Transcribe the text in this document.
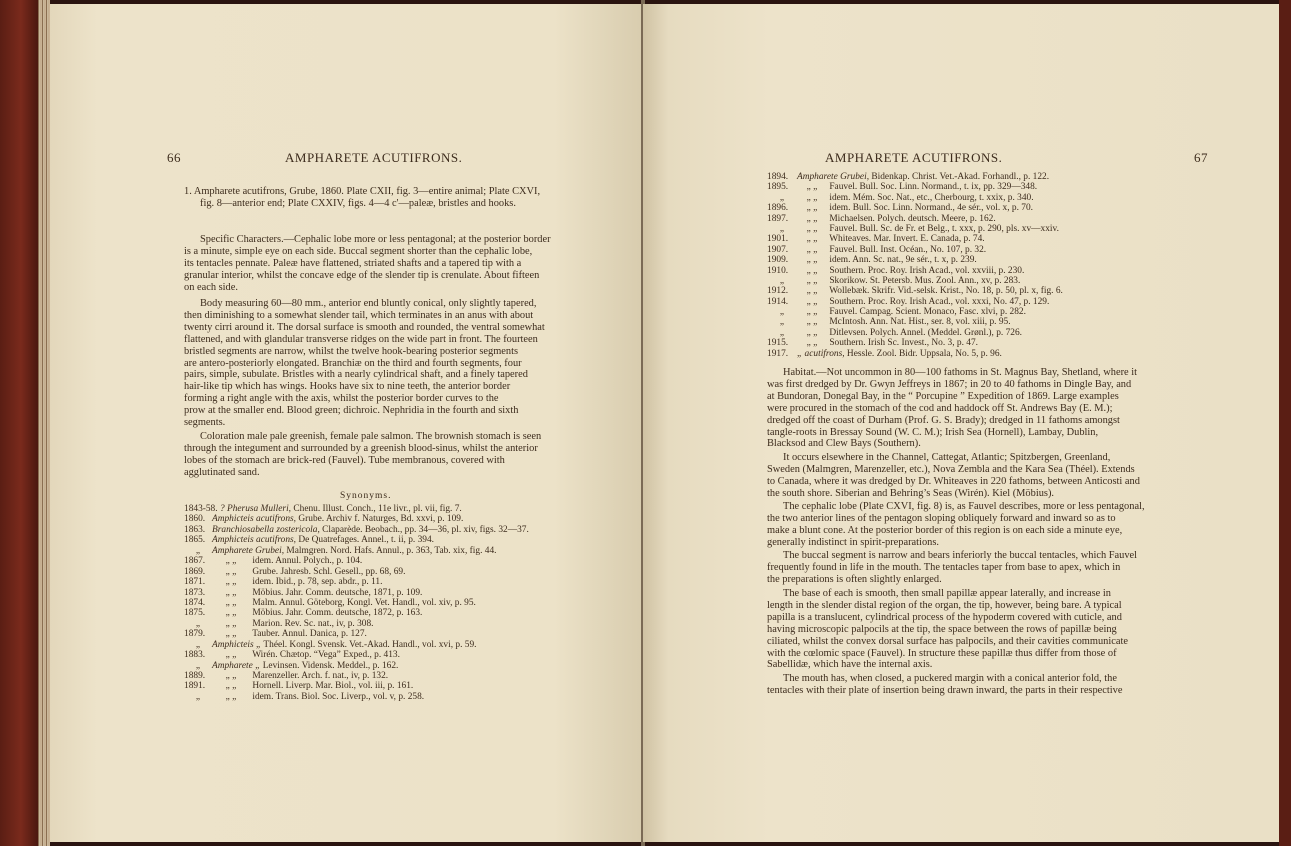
66	AMPHARETE ACUTIFRONS.
1. Ampharete acutifrons, Grube, 1860. Plate CXII, fig. 3—entire animal; Plate CXVI,
fig. 8—anterior end; Plate CXXIV, figs. 4—4 c'—paleæ, bristles and hooks.
Specific Characters.—Cephalic lobe more or less pentagonal; at the posterior border
is a minute, simple eye on each side. Buccal segment shorter than the cephalic lobe,
its tentacles pennate. Paleæ have flattened, striated shafts and a tapered tip with a
granular interior, whilst the concave edge of the slender tip is crenulate. About fifteen
on each side.
Body measuring 60—80 mm., anterior end bluntly conical, only slightly tapered,
then diminishing to a somewhat slender tail, which terminates in an anus with about
twenty cirri around it. The dorsal surface is smooth and rounded, the ventral somewhat
flattened, and with glandular transverse ridges on the wide part in front. The fourteen
bristled segments are narrow, whilst the twelve hook-bearing posterior segments
are antero-posteriorly elongated. Branchiæ on the third and fourth segments, four
pairs, simple, subulate. Bristles with a nearly cylindrical shaft, and a finely tapered
hair-like tip which has wings. Hooks have six to nine teeth, the anterior border
forming a right angle with the axis, whilst the posterior border curves to the
prow at the smaller end. Blood green; dichroic. Nephridia in the fourth and sixth
segments.
Coloration male pale greenish, female pale salmon. The brownish stomach is seen
through the integument and surrounded by a greenish blood-sinus, whilst the anterior
lobes of the stomach are brick-red (Fauvel). Tube membranous, covered with
agglutinated sand.
Synonyms.
1843-58. ? Pherusa Mulleri, Chenu. Illust. Conch., 11e livr., pl. vii, fig. 7.
1860. Amphicteis acutifrons, Grube. Archiv f. Naturges, Bd. xxvi, p. 109.
1863. Branchiosabella zostericola, Claparède. Beobach., pp. 34—36, pl. xiv, figs. 32—37.
1865. Amphicteis acutifrons, De Quatrefages. Annel., t. ii, p. 394.
„ Ampharete Grubei, Malmgren. Nord. Hafs. Annul., p. 363, Tab. xix, fig. 44.
1867. „ „ idem. Annul. Polych., p. 104.
1869. „ „ Grube. Jahresb. Schl. Gesell., pp. 68, 69.
1871. „ „ idem. Ibid., p. 78, sep. abdr., p. 11.
1873. „ „ Möbius. Jahr. Comm. deutsche, 1871, p. 109.
1874. „ „ Malm. Annul. Göteborg, Kongl. Vet. Handl., vol. xiv, p. 95.
1875. „ „ Möbius. Jahr. Comm. deutsche, 1872, p. 163.
„	„ „ Marion. Rev. Sc. nat., iv, p. 308.
1879. „ „ Tauber. Annul. Danica, p. 127.
„ Amphicteis „ Théel. Kongl. Svensk. Vet.-Akad. Handl., vol. xvi, p. 59.
1883. „ „ Wirén. Chætop. “Vega” Exped., p. 413.
„ Ampharete „ Levinsen. Vidensk. Meddel., p. 162.
1889. „ „ Marenzeller. Arch. f. nat., iv, p. 132.
1891. „ „ Hornell. Liverp. Mar. Biol., vol. iii, p. 161.
„	„ „ idem. Trans. Biol. Soc. Liverp., vol. v, p. 258.
AMPHARETE ACUTIFRONS.	67
1894. Ampharete Grubei, Bidenkap. Christ. Vet.-Akad. Forhandl., p. 122.
1895. „ „ Fauvel. Bull. Soc. Linn. Normand., t. ix, pp. 329—348.
„ „ „ idem. Mém. Soc. Nat., etc., Cherbourg, t. xxix, p. 340.
1896. „ „ idem. Bull. Soc. Linn. Normand., 4e sér., vol. x, p. 70.
1897. „ „ Michaelsen. Polych. deutsch. Meere, p. 162.
„ „ „ Fauvel. Bull. Sc. de Fr. et Belg., t. xxx, p. 290, pls. xv—xxiv.
1901. „ „ Whiteaves. Mar. Invert. E. Canada, p. 74.
1907. „ „ Fauvel. Bull. Inst. Océan., No. 107, p. 32.
1909. „ „ idem. Ann. Sc. nat., 9e sér., t. x, p. 239.
1910. „ „ Southern. Proc. Roy. Irish Acad., vol. xxviii, p. 230.
„ „ „ Skorikow. St. Petersb. Mus. Zool. Ann., xv, p. 283.
1912. „ „ Wollebæk. Skrifr. Vid.-selsk. Krist., No. 18, p. 50, pl. x, fig. 6.
1914. „ „ Southern. Proc. Roy. Irish Acad., vol. xxxi, No. 47, p. 129.
„ „ „ Fauvel. Campag. Scient. Monaco, Fasc. xlvi, p. 282.
„ „ „ McIntosh. Ann. Nat. Hist., ser. 8, vol. xiii, p. 95.
„ „ „ Ditlevsen. Polych. Annel. (Meddel. Grønl.), p. 726.
1915. „ „ Southern. Irish Sc. Invest., No. 3, p. 47.
1917. „ acutifrons, Hessle. Zool. Bidr. Uppsala, No. 5, p. 96.
Habitat.—Not uncommon in 80—100 fathoms in St. Magnus Bay, Shetland, where it
was first dredged by Dr. Gwyn Jeffreys in 1867; in 20 to 40 fathoms in Dingle Bay, and
at Bundoran, Donegal Bay, in the “ Porcupine ” Expedition of 1869. Large examples
were procured in the stomach of the cod and haddock off St. Andrews Bay (E. M.);
dredged off the coast of Durham (Prof. G. S. Brady); dredged in 11 fathoms amongst
tangle-roots in Bressay Sound (W. C. M.); Irish Sea (Hornell), Lambay, Dublin,
Blacksod and Clew Bays (Southern).
It occurs elsewhere in the Channel, Cattegat, Atlantic; Spitzbergen, Greenland,
Sweden (Malmgren, Marenzeller, etc.), Nova Zembla and the Kara Sea (Théel). Extends
to Canada, where it was dredged by Dr. Whiteaves in 220 fathoms, between Anticosti and
the south shore. Siberian and Behring’s Seas (Wirén). Kiel (Möbius).
The cephalic lobe (Plate CXVI, fig. 8) is, as Fauvel describes, more or less pentagonal,
the two anterior lines of the pentagon sloping obliquely forward and inward so as to
make a blunt cone. At the posterior border of this region is on each side a minute eye,
generally indistinct in spirit-preparations.
The buccal segment is narrow and bears inferiorly the buccal tentacles, which Fauvel
frequently found in life in the mouth. The tentacles taper from base to apex, which in
the preparations is often slightly enlarged.
The base of each is smooth, then small papillæ appear laterally, and increase in
length in the slender distal region of the organ, the tip, however, being bare. A typical
papilla is a translucent, cylindrical process of the hypoderm covered with cuticle, and
having microscopic palpocils at the tip, the space between the rows of papillæ being
ciliated, whilst the convex dorsal surface has palpocils, and their cavities communicate
with the cœlomic space (Fauvel). In structure these papillæ thus differ from those of
Sabellidæ, which have the internal axis.
The mouth has, when closed, a puckered margin with a conical anterior fold, the
tentacles with their plate of insertion being drawn inward, the parts in their respective
